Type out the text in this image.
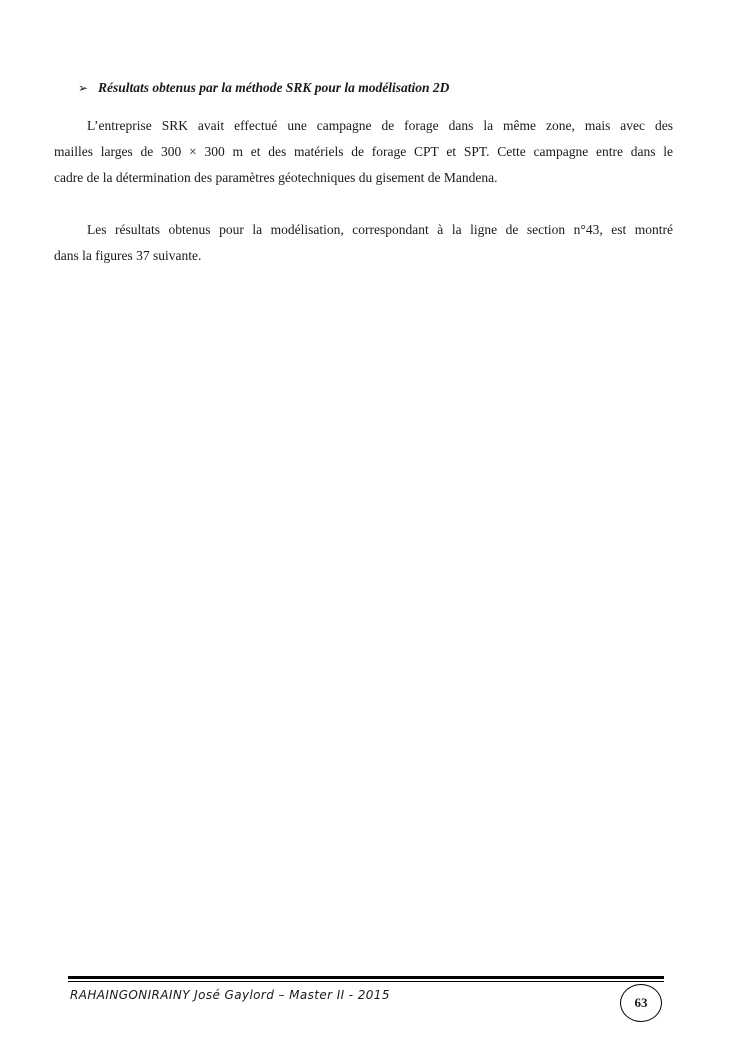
➢ Résultats obtenus par la méthode SRK pour la modélisation 2D
L’entreprise SRK avait effectué une campagne de forage dans la même zone, mais avec des
mailles larges de 300 × 300 m et des matériels de forage CPT et SPT. Cette campagne entre dans le
cadre de la détermination des paramètres géotechniques du gisement de Mandena.
Les résultats obtenus pour la modélisation, correspondant à la ligne de section n°43, est montré
dans la figures 37 suivante.
RAHAINGONIRAINY José Gaylord – Master II - 2015	63
